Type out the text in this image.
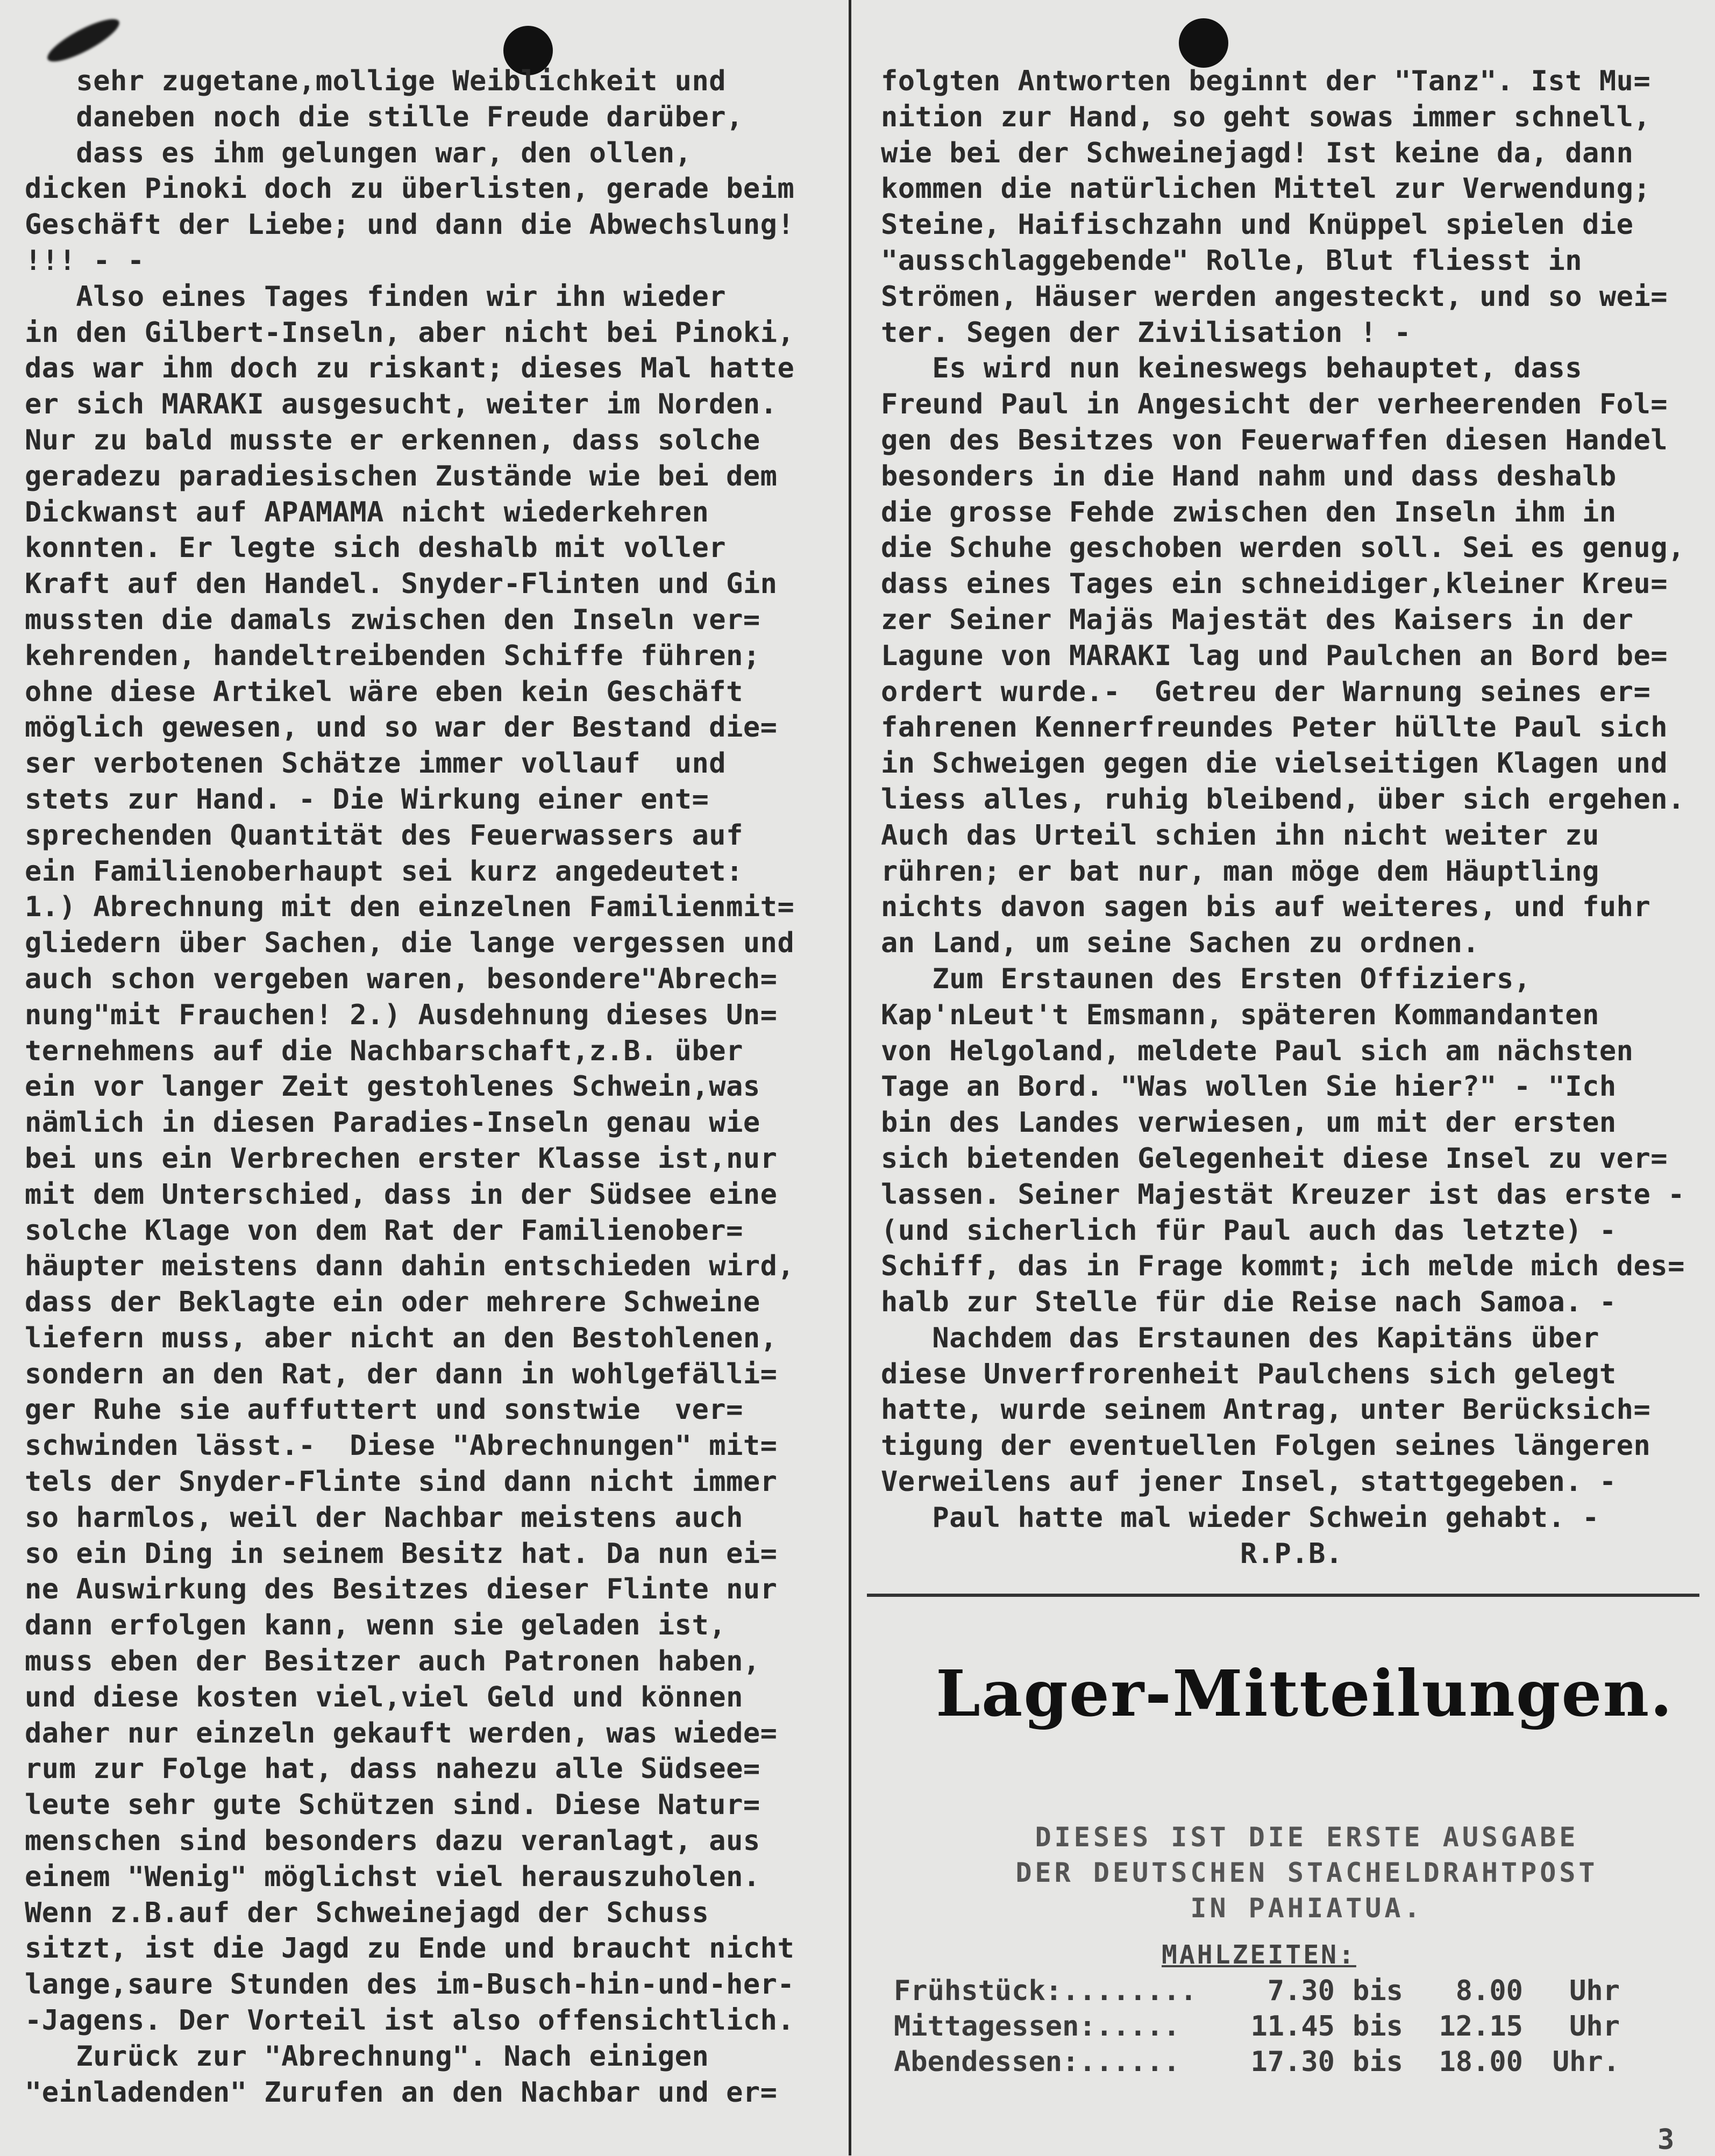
sehr zugetane,mollige Weiblichkeit und
daneben noch die stille Freude darüber,
dass es ihm gelungen war, den ollen,
dicken Pinoki doch zu überlisten, gerade beim
Geschäft der Liebe; und dann die Abwechslung!
!!! - -
Also eines Tages finden wir ihn wieder
in den Gilbert-Inseln, aber nicht bei Pinoki,
das war ihm doch zu riskant; dieses Mal hatte
er sich MARAKI ausgesucht, weiter im Norden.
Nur zu bald musste er erkennen, dass solche
geradezu paradiesischen Zustände wie bei dem
Dickwanst auf APAMAMA nicht wiederkehren
konnten. Er legte sich deshalb mit voller
Kraft auf den Handel. Snyder-Flinten und Gin
mussten die damals zwischen den Inseln ver=
kehrenden, handeltreibenden Schiffe führen;
ohne diese Artikel wäre eben kein Geschäft
möglich gewesen, und so war der Bestand die=
ser verbotenen Schätze immer vollauf  und
stets zur Hand. - Die Wirkung einer ent=
sprechenden Quantität des Feuerwassers auf
ein Familienoberhaupt sei kurz angedeutet:
1.) Abrechnung mit den einzelnen Familienmit=
gliedern über Sachen, die lange vergessen und
auch schon vergeben waren, besondere"Abrech=
nung"mit Frauchen! 2.) Ausdehnung dieses Un=
ternehmens auf die Nachbarschaft,z.B. über
ein vor langer Zeit gestohlenes Schwein,was
nämlich in diesen Paradies-Inseln genau wie
bei uns ein Verbrechen erster Klasse ist,nur
mit dem Unterschied, dass in der Südsee eine
solche Klage von dem Rat der Familienober=
häupter meistens dann dahin entschieden wird,
dass der Beklagte ein oder mehrere Schweine
liefern muss, aber nicht an den Bestohlenen,
sondern an den Rat, der dann in wohlgefälli=
ger Ruhe sie auffuttert und sonstwie  ver=
schwinden lässt.-  Diese "Abrechnungen" mit=
tels der Snyder-Flinte sind dann nicht immer
so harmlos, weil der Nachbar meistens auch
so ein Ding in seinem Besitz hat. Da nun ei=
ne Auswirkung des Besitzes dieser Flinte nur
dann erfolgen kann, wenn sie geladen ist,
muss eben der Besitzer auch Patronen haben,
und diese kosten viel,viel Geld und können
daher nur einzeln gekauft werden, was wiede=
rum zur Folge hat, dass nahezu alle Südsee=
leute sehr gute Schützen sind. Diese Natur=
menschen sind besonders dazu veranlagt, aus
einem "Wenig" möglichst viel herauszuholen.
Wenn z.B.auf der Schweinejagd der Schuss
sitzt, ist die Jagd zu Ende und braucht nicht
lange,saure Stunden des im-Busch-hin-und-her-
-Jagens. Der Vorteil ist also offensichtlich.
Zurück zur "Abrechnung". Nach einigen
"einladenden" Zurufen an den Nachbar und er=
folgten Antworten beginnt der "Tanz". Ist Mu=
nition zur Hand, so geht sowas immer schnell,
wie bei der Schweinejagd! Ist keine da, dann
kommen die natürlichen Mittel zur Verwendung;
Steine, Haifischzahn und Knüppel spielen die
"ausschlaggebende" Rolle, Blut fliesst in
Strömen, Häuser werden angesteckt, und so wei=
ter. Segen der Zivilisation ! -
Es wird nun keineswegs behauptet, dass
Freund Paul in Angesicht der verheerenden Fol=
gen des Besitzes von Feuerwaffen diesen Handel
besonders in die Hand nahm und dass deshalb
die grosse Fehde zwischen den Inseln ihm in
die Schuhe geschoben werden soll. Sei es genug,
dass eines Tages ein schneidiger,kleiner Kreu=
zer Seiner Majäs Majestät des Kaisers in der
Lagune von MARAKI lag und Paulchen an Bord be=
ordert wurde.-  Getreu der Warnung seines er=
fahrenen Kennerfreundes Peter hüllte Paul sich
in Schweigen gegen die vielseitigen Klagen und
liess alles, ruhig bleibend, über sich ergehen.
Auch das Urteil schien ihn nicht weiter zu
rühren; er bat nur, man möge dem Häuptling
nichts davon sagen bis auf weiteres, und fuhr
an Land, um seine Sachen zu ordnen.
Zum Erstaunen des Ersten Offiziers,
Kap'nLeut't Emsmann, späteren Kommandanten
von Helgoland, meldete Paul sich am nächsten
Tage an Bord. "Was wollen Sie hier?" - "Ich
bin des Landes verwiesen, um mit der ersten
sich bietenden Gelegenheit diese Insel zu ver=
lassen. Seiner Majestät Kreuzer ist das erste -
(und sicherlich für Paul auch das letzte) -
Schiff, das in Frage kommt; ich melde mich des=
halb zur Stelle für die Reise nach Samoa. -
Nachdem das Erstaunen des Kapitäns über
diese Unverfrorenheit Paulchens sich gelegt
hatte, wurde seinem Antrag, unter Berücksich=
tigung der eventuellen Folgen seines längeren
Verweilens auf jener Insel, stattgegeben. -
Paul hatte mal wieder Schwein gehabt. -
R.P.B.
Lager-Mitteilungen.
DIESES IST DIE ERSTE AUSGABE
DER DEUTSCHEN STACHELDRAHTPOST
IN PAHIATUA.
MAHLZEITEN:
Frühstück:........	7.30 bis 8.00 Uhr
Mittagessen:.....	11.45 bis 12.15 Uhr
Abendessen:......	17.30 bis 18.00 Uhr.
3
